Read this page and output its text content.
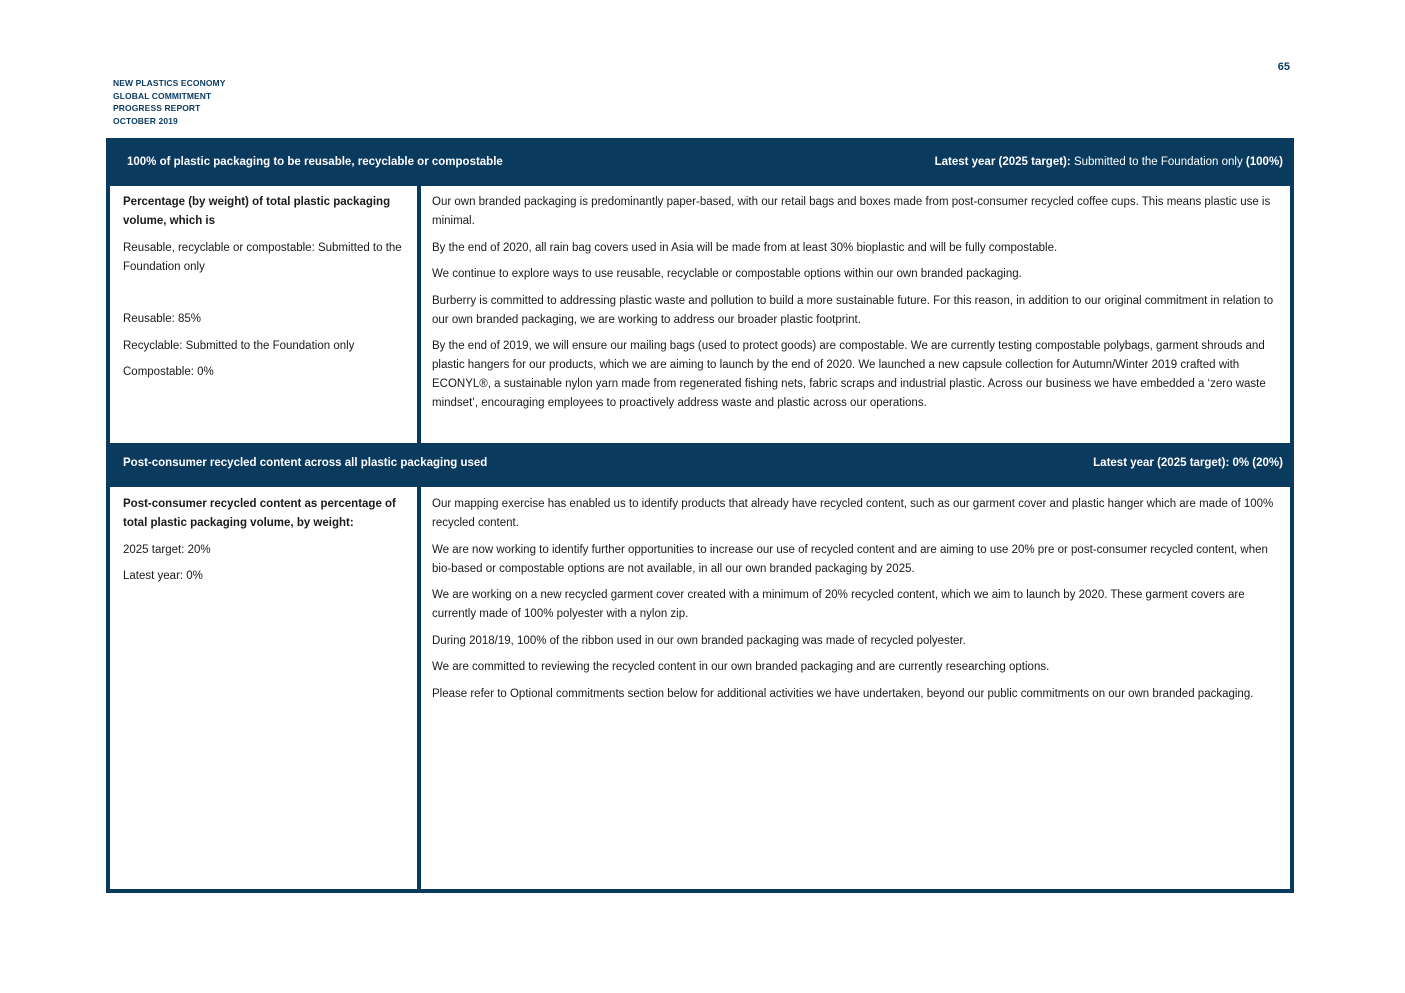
NEW PLASTICS ECONOMY
GLOBAL COMMITMENT
PROGRESS REPORT
OCTOBER 2019
65
100% of plastic packaging to be reusable, recyclable or compostable	Latest year (2025 target): Submitted to the Foundation only (100%)

Percentage (by weight) of total plastic packaging volume, which is

Reusable, recyclable or compostable: Submitted to the Foundation only

Reusable: 85%

Recyclable: Submitted to the Foundation only

Compostable: 0%

Our own branded packaging is predominantly paper-based, with our retail bags and boxes made from post-consumer recycled coffee cups. This means plastic use is minimal.

By the end of 2020, all rain bag covers used in Asia will be made from at least 30% bioplastic and will be fully compostable.

We continue to explore ways to use reusable, recyclable or compostable options within our own branded packaging.

Burberry is committed to addressing plastic waste and pollution to build a more sustainable future. For this reason, in addition to our original commitment in relation to our own branded packaging, we are working to address our broader plastic footprint.

By the end of 2019, we will ensure our mailing bags (used to protect goods) are compostable. We are currently testing compostable polybags, garment shrouds and plastic hangers for our products, which we are aiming to launch by the end of 2020. We launched a new capsule collection for Autumn/Winter 2019 crafted with ECONYL®, a sustainable nylon yarn made from regenerated fishing nets, fabric scraps and industrial plastic. Across our business we have embedded a ‘zero waste mindset’, encouraging employees to proactively address waste and plastic across our operations.

Post-consumer recycled content across all plastic packaging used	Latest year (2025 target): 0% (20%)

Post-consumer recycled content as percentage of total plastic packaging volume, by weight:

2025 target: 20%

Latest year: 0%

Our mapping exercise has enabled us to identify products that already have recycled content, such as our garment cover and plastic hanger which are made of 100% recycled content.

We are now working to identify further opportunities to increase our use of recycled content and are aiming to use 20% pre or post-consumer recycled content, when bio-based or compostable options are not available, in all our own branded packaging by 2025.

We are working on a new recycled garment cover created with a minimum of 20% recycled content, which we aim to launch by 2020. These garment covers are currently made of 100% polyester with a nylon zip.

During 2018/19, 100% of the ribbon used in our own branded packaging was made of recycled polyester.

We are committed to reviewing the recycled content in our own branded packaging and are currently researching options.

Please refer to Optional commitments section below for additional activities we have undertaken, beyond our public commitments on our own branded packaging.
